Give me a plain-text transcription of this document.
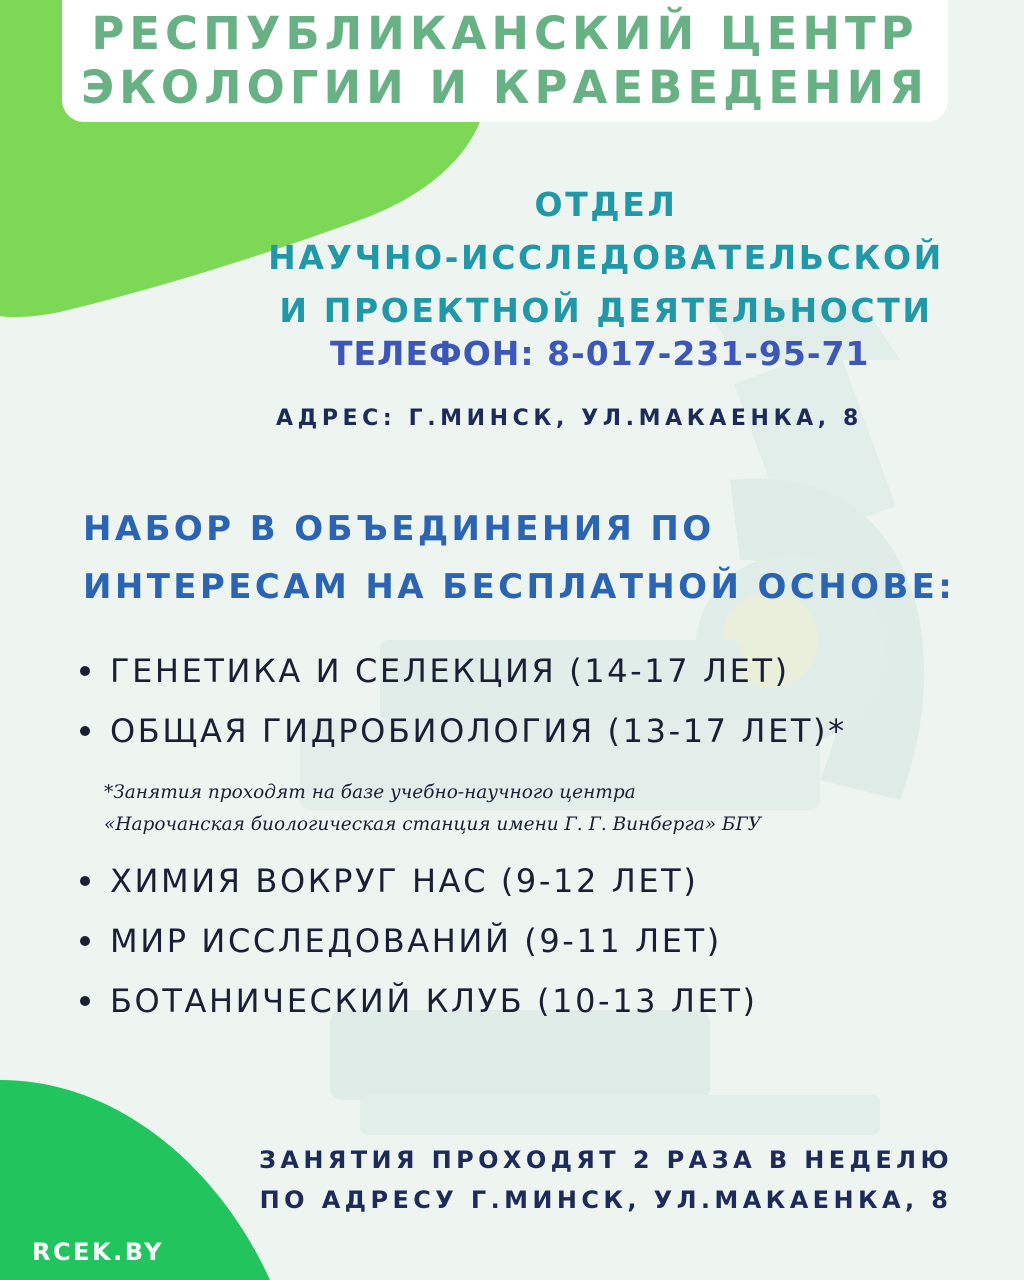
РЕСПУБЛИКАНСКИЙ ЦЕНТР
ЭКОЛОГИИ И КРАЕВЕДЕНИЯ
ОТДЕЛ
НАУЧНО-ИССЛЕДОВАТЕЛЬСКОЙ
И ПРОЕКТНОЙ ДЕЯТЕЛЬНОСТИ
ТЕЛЕФОН: 8-017-231-95-71
АДРЕС: Г.МИНСК, УЛ.МАКАЕНКА, 8
НАБОР В ОБЪЕДИНЕНИЯ ПО
ИНТЕРЕСАМ НА БЕСПЛАТНОЙ ОСНОВЕ:
ГЕНЕТИКА И СЕЛЕКЦИЯ (14-17 ЛЕТ)
ОБЩАЯ ГИДРОБИОЛОГИЯ (13-17 ЛЕТ)*
*Занятия проходят на базе учебно-научного центра
«Нарочанская биологическая станция имени Г. Г. Винберга» БГУ
ХИМИЯ ВОКРУГ НАС (9-12 ЛЕТ)
МИР ИССЛЕДОВАНИЙ (9-11 ЛЕТ)
БОТАНИЧЕСКИЙ КЛУБ (10-13 ЛЕТ)
ЗАНЯТИЯ ПРОХОДЯТ 2 РАЗА В НЕДЕЛЮ
ПО АДРЕСУ Г.МИНСК, УЛ.МАКАЕНКА, 8
RCEK.BY
